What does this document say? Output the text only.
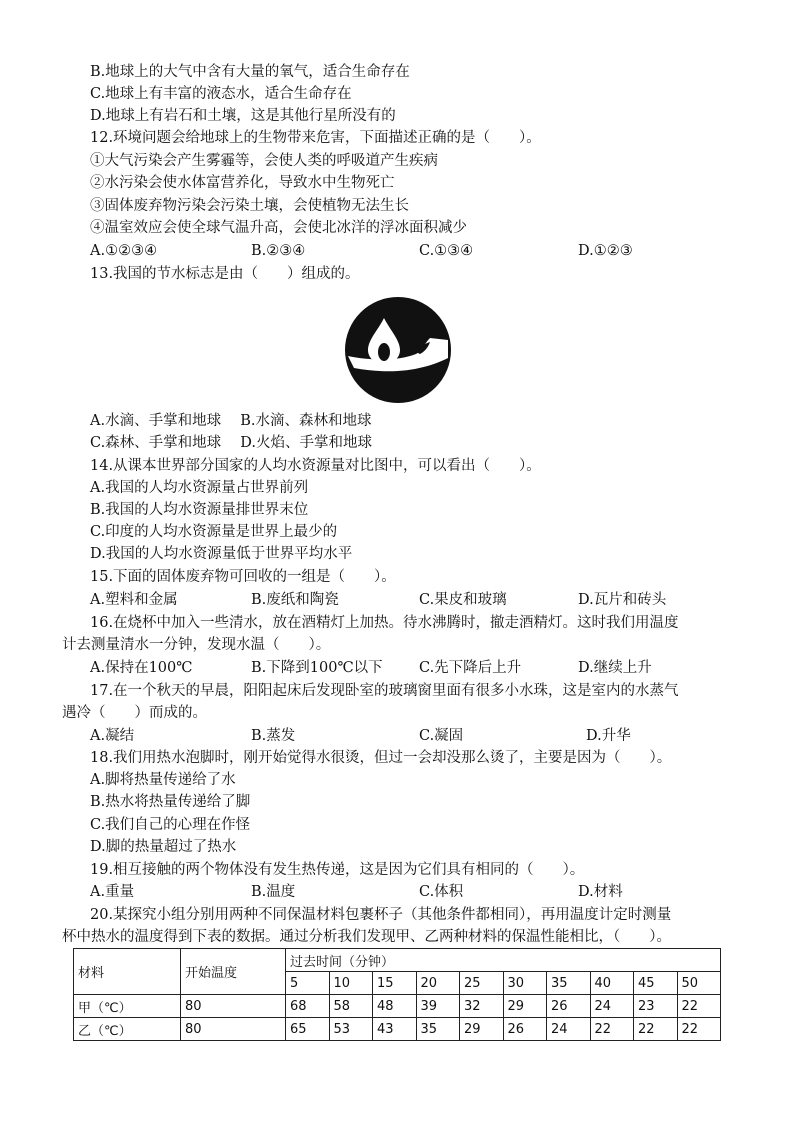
B.地球上的大气中含有大量的氧气，适合生命存在
C.地球上有丰富的液态水，适合生命存在
D.地球上有岩石和土壤，这是其他行星所没有的
12.环境问题会给地球上的生物带来危害，下面描述正确的是（　　）。
①大气污染会产生雾霾等，会使人类的呼吸道产生疾病
②水污染会使水体富营养化，导致水中生物死亡
③固体废弃物污染会污染土壤，会使植物无法生长
④温室效应会使全球气温升高，会使北冰洋的浮冰面积减少
A.①②③④	B.②③④	C.①③④	D.①②③
13.我国的节水标志是由（　　）组成的。
A.水滴、手掌和地球　 B.水滴、森林和地球
C.森林、手掌和地球　 D.火焰、手掌和地球
14.从课本世界部分国家的人均水资源量对比图中，可以看出（　　）。
A.我国的人均水资源量占世界前列
B.我国的人均水资源量排世界末位
C.印度的人均水资源量是世界上最少的
D.我国的人均水资源量低于世界平均水平
15.下面的固体废弃物可回收的一组是（　　）。
A.塑料和金属	B.废纸和陶瓷	C.果皮和玻璃	D.瓦片和砖头
16.在烧杯中加入一些清水，放在酒精灯上加热。待水沸腾时，撤走酒精灯。这时我们用温度
计去测量清水一分钟，发现水温（　　）。
A.保持在100℃	B.下降到100℃以下	C.先下降后上升	D.继续上升
17.在一个秋天的早晨，阳阳起床后发现卧室的玻璃窗里面有很多小水珠，这是室内的水蒸气
遇冷（　　）而成的。
A.凝结	B.蒸发	C.凝固	D.升华
18.我们用热水泡脚时，刚开始觉得水很烫，但过一会却没那么烫了，主要是因为（　　）。
A.脚将热量传递给了水
B.热水将热量传递给了脚
C.我们自己的心理在作怪
D.脚的热量超过了热水
19.相互接触的两个物体没有发生热传递，这是因为它们具有相同的（　　）。
A.重量	B.温度	C.体积	D.材料
20.某探究小组分别用两种不同保温材料包裹杯子（其他条件都相同），再用温度计定时测量
杯中热水的温度得到下表的数据。通过分析我们发现甲、乙两种材料的保温性能相比，（　　）。
材料	开始温度	过去时间（分钟）									
		5	10	15	20	25	30	35	40	45	50
甲（℃）	80	68	58	48	39	32	29	26	24	23	22
乙（℃）	80	65	53	43	35	29	26	24	22	22	22
